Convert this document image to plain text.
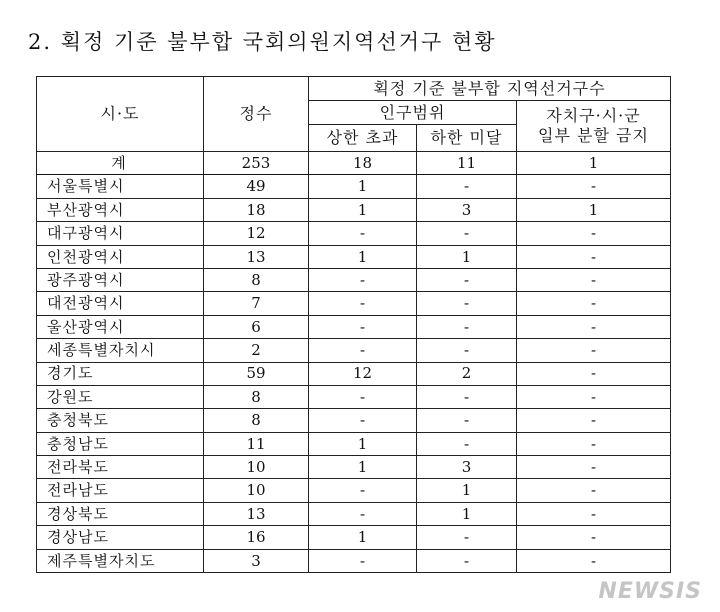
2. 획정 기준 불부합 국회의원지역선거구 현황
시·도	정수	획정 기준 불부합 지역선거구수		
		인구범위		자치구·시·군
일부 분할 금지
		상한 초과	하한 미달	
계	253	18	11	1
서울특별시	49	1	-	-
부산광역시	18	1	3	1
대구광역시	12	-	-	-
인천광역시	13	1	1	-
광주광역시	8	-	-	-
대전광역시	7	-	-	-
울산광역시	6	-	-	-
세종특별자치시	2	-	-	-
경기도	59	12	2	-
강원도	8	-	-	-
충청북도	8	-	-	-
충청남도	11	1	-	-
전라북도	10	1	3	-
전라남도	10	-	1	-
경상북도	13	-	1	-
경상남도	16	1	-	-
제주특별자치도	3	-	-	-
NEWSIS
